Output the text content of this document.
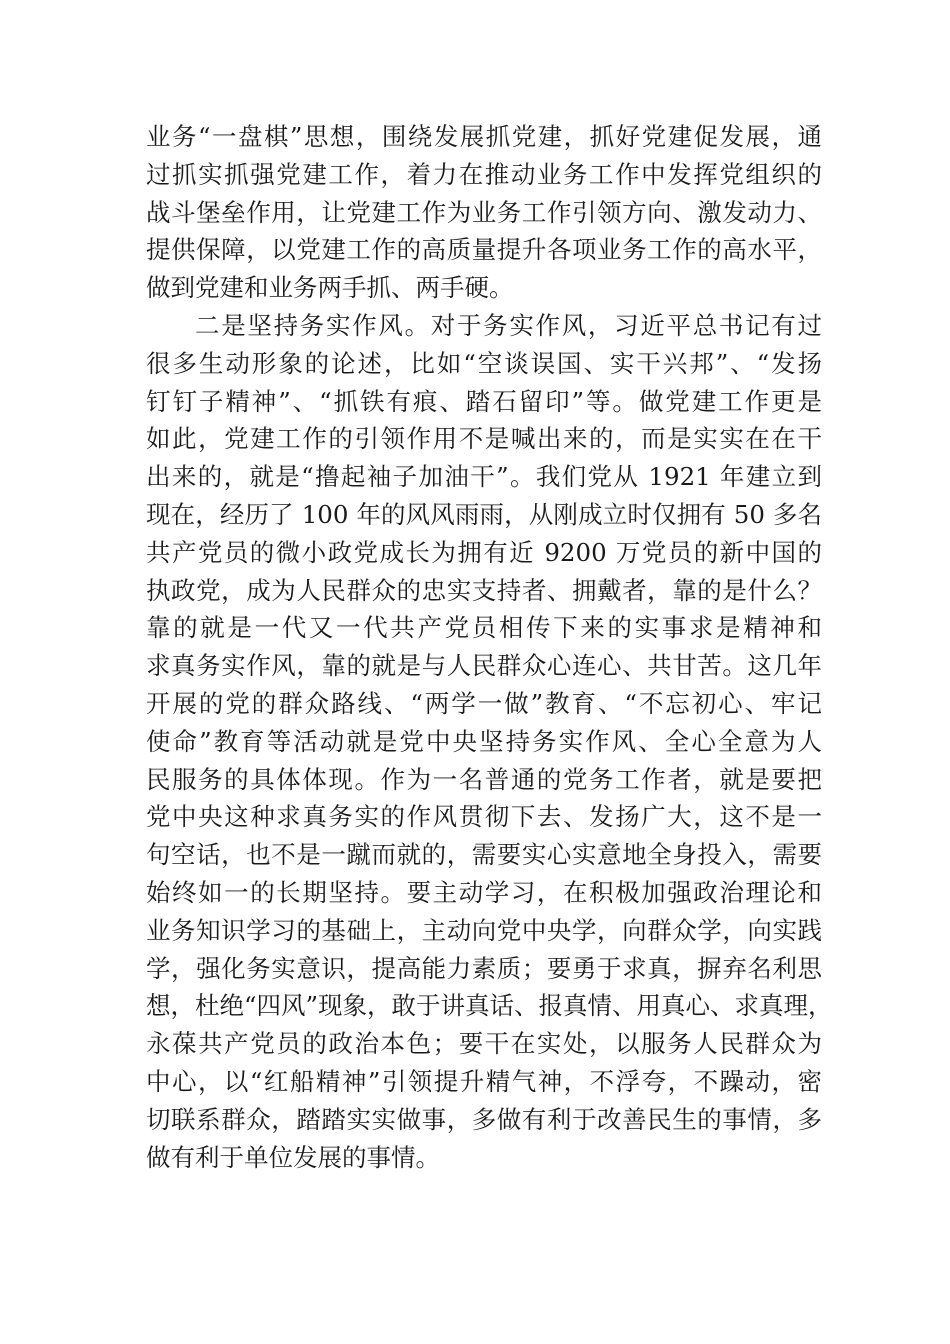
业务“一盘棋”思想，围绕发展抓党建，抓好党建促发展，通
过抓实抓强党建工作，着力在推动业务工作中发挥党组织的
战斗堡垒作用，让党建工作为业务工作引领方向、激发动力、
提供保障，以党建工作的高质量提升各项业务工作的高水平，
做到党建和业务两手抓、两手硬。
二是坚持务实作风。对于务实作风，习近平总书记有过
很多生动形象的论述，比如“空谈误国、实干兴邦”、“发扬
钉钉子精神”、“抓铁有痕、踏石留印”等。做党建工作更是
如此，党建工作的引领作用不是喊出来的，而是实实在在干
出来的，就是“撸起袖子加油干”。我们党从 1921 年建立到
现在，经历了 100 年的风风雨雨，从刚成立时仅拥有 50 多名
共产党员的微小政党成长为拥有近 9200 万党员的新中国的
执政党，成为人民群众的忠实支持者、拥戴者，靠的是什么？
靠的就是一代又一代共产党员相传下来的实事求是精神和
求真务实作风，靠的就是与人民群众心连心、共甘苦。这几年
开展的党的群众路线、“两学一做”教育、“不忘初心、牢记
使命”教育等活动就是党中央坚持务实作风、全心全意为人
民服务的具体体现。作为一名普通的党务工作者，就是要把
党中央这种求真务实的作风贯彻下去、发扬广大，这不是一
句空话，也不是一蹴而就的，需要实心实意地全身投入，需要
始终如一的长期坚持。要主动学习，在积极加强政治理论和
业务知识学习的基础上，主动向党中央学，向群众学，向实践
学，强化务实意识，提高能力素质；要勇于求真，摒弃名利思
想，杜绝“四风”现象，敢于讲真话、报真情、用真心、求真理，
永葆共产党员的政治本色；要干在实处，以服务人民群众为
中心，以“红船精神”引领提升精气神，不浮夸，不躁动，密
切联系群众，踏踏实实做事，多做有利于改善民生的事情，多
做有利于单位发展的事情。
